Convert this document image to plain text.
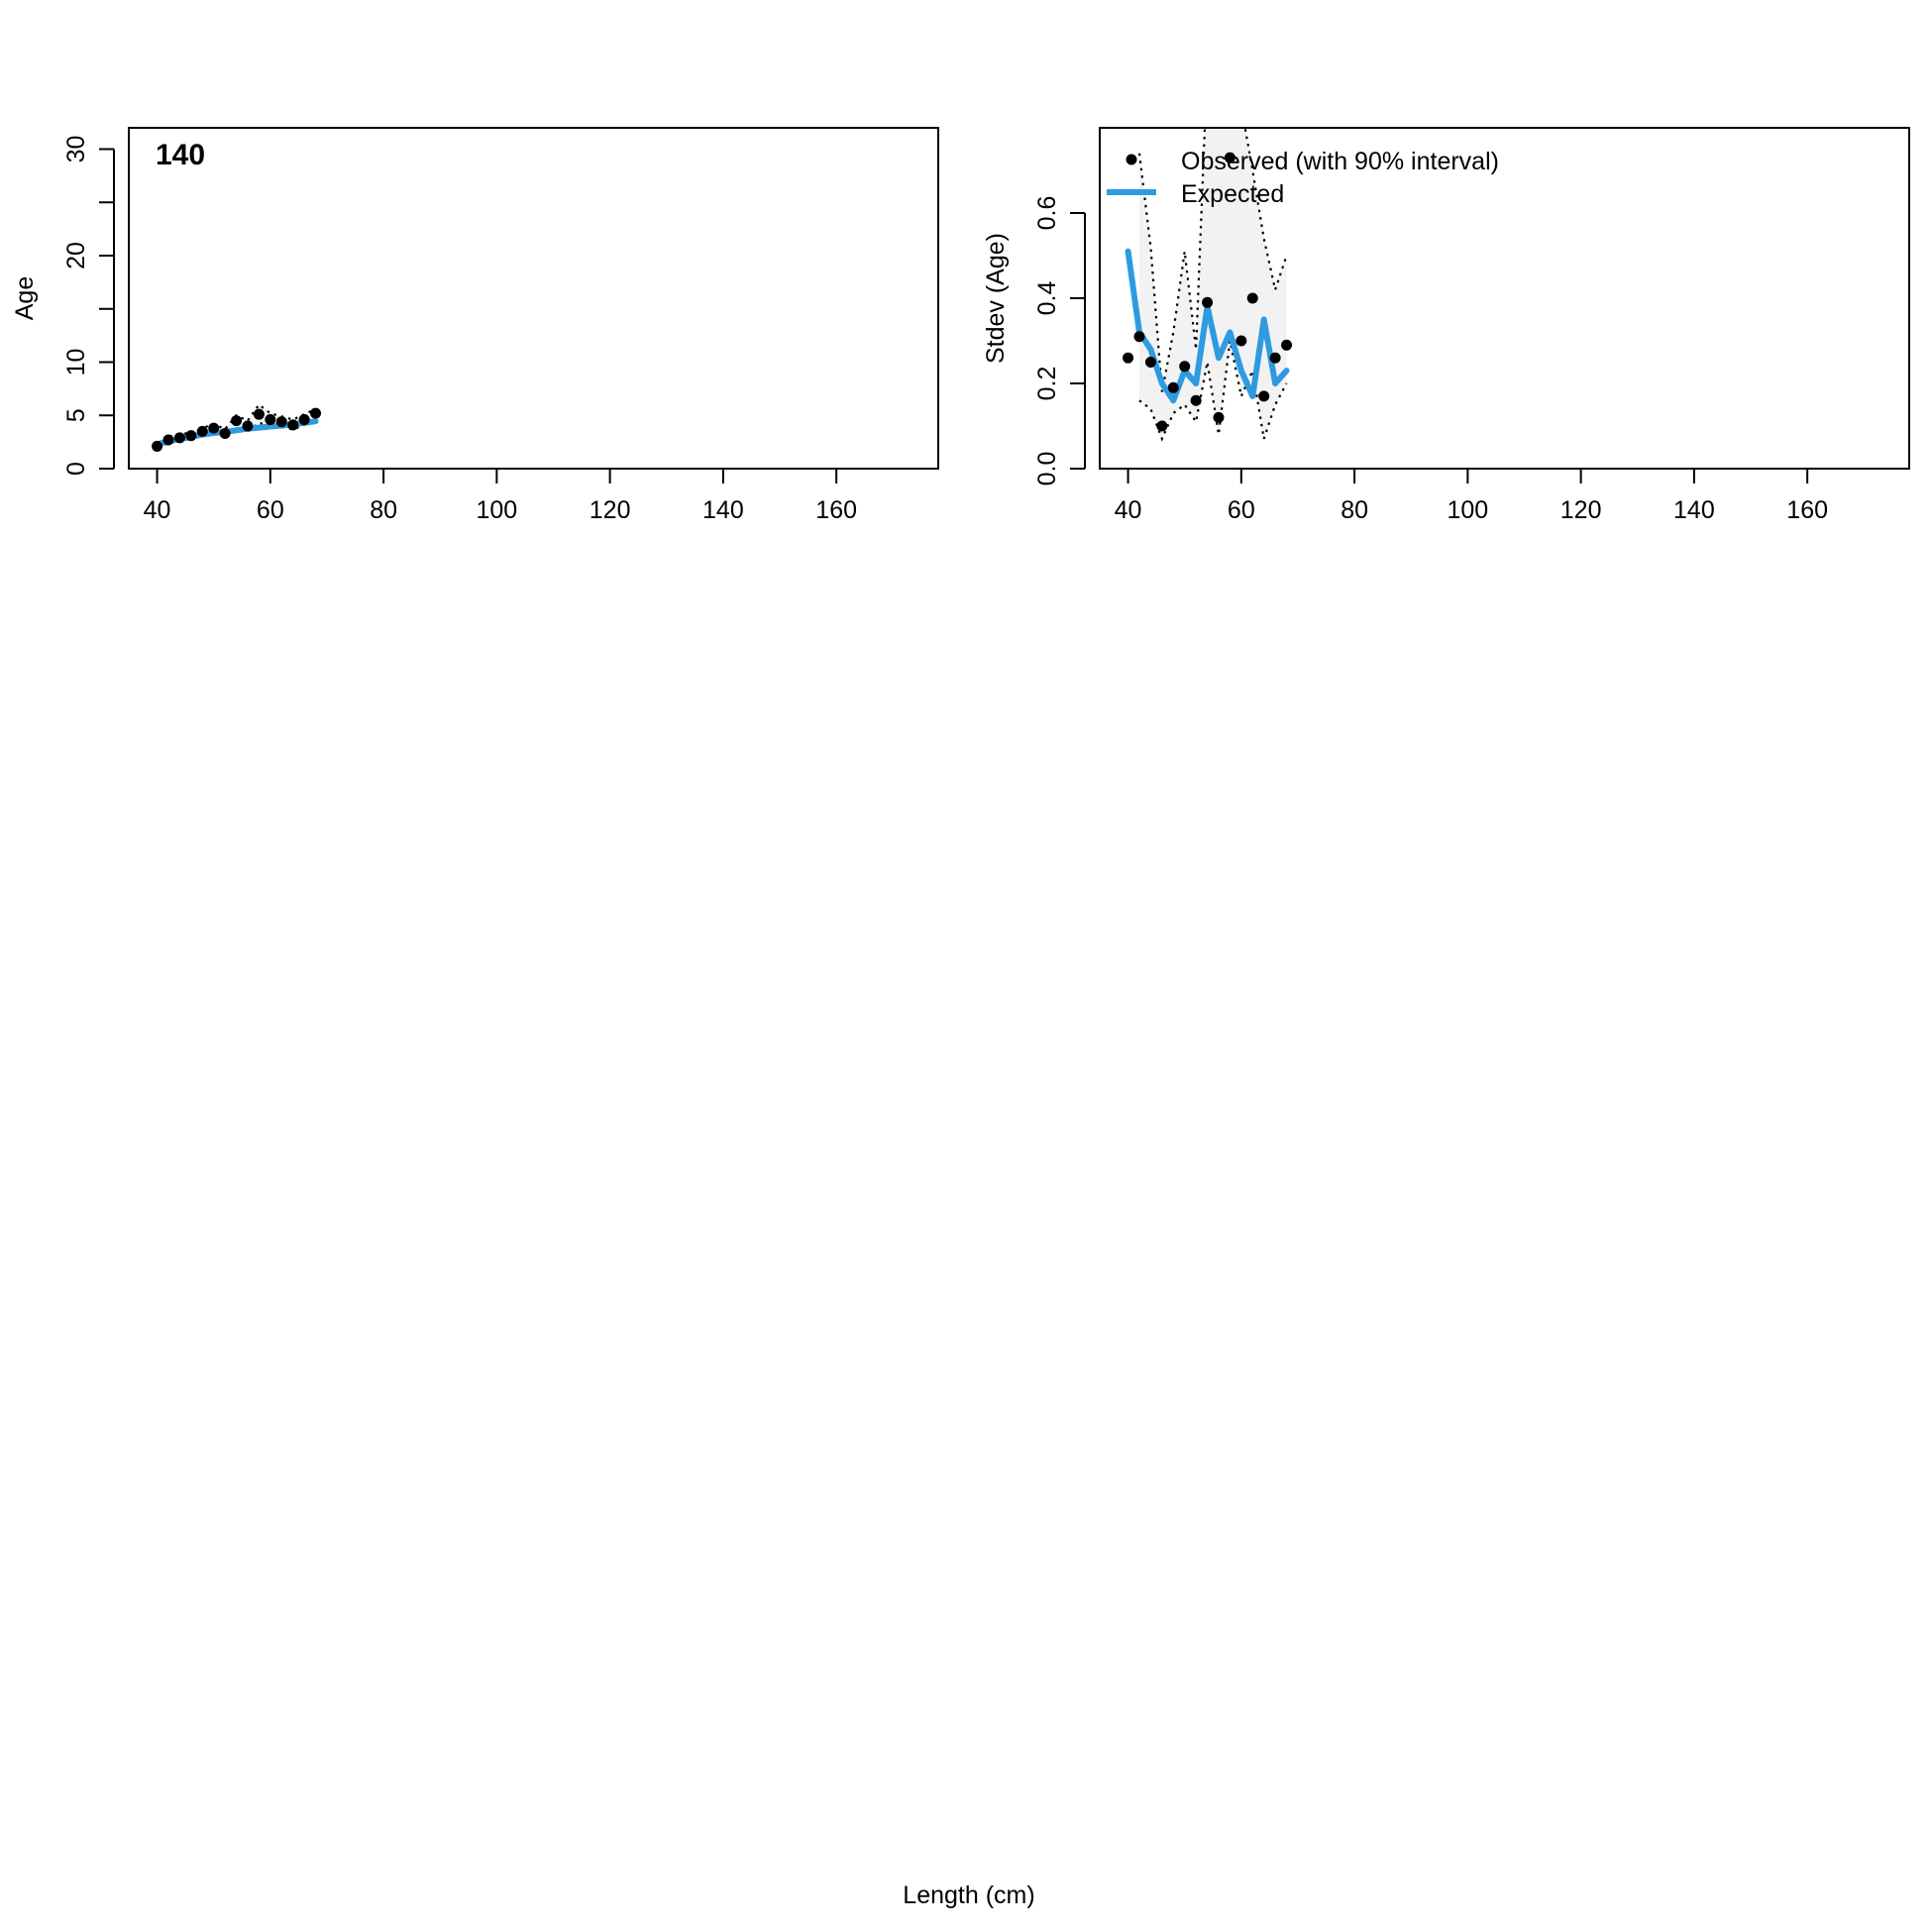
40	60	80	100	120	140	160
0
5
10
20
30
Age
140
40	60	80	100	120	140	160
0.0
0.2
0.4
0.6
Stdev (Age)
Observed (with 90% interval)
Expected
Length (cm)
